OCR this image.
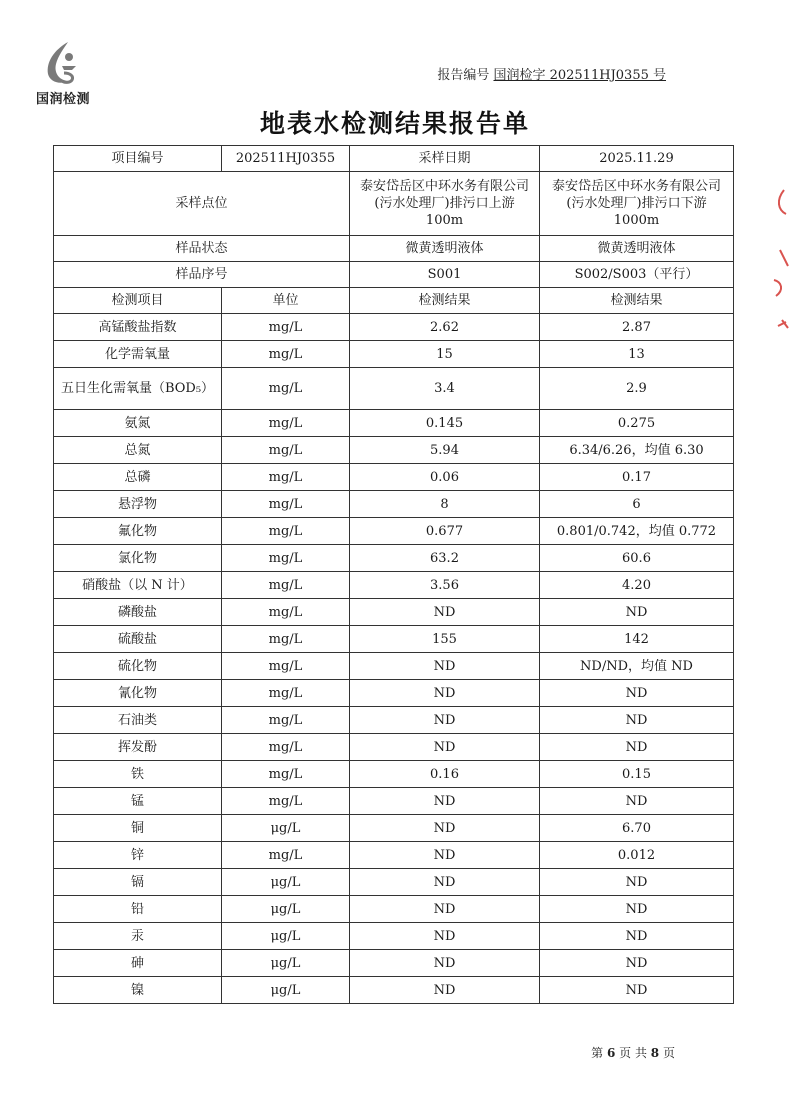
国润检测
报告编号 国润检字 202511HJ0355 号
地表水检测结果报告单
项目编号	202511HJ0355	采样日期	2025.11.29
采样点位		泰安岱岳区中环水务有限公司(污水处理厂)排污口上游 100m	泰安岱岳区中环水务有限公司(污水处理厂)排污口下游 1000m
样品状态		微黄透明液体	微黄透明液体
样品序号		S001	S002/S003（平行）
检测项目	单位	检测结果	检测结果
高锰酸盐指数	mg/L	2.62	2.87
化学需氧量	mg/L	15	13
五日生化需氧量（BOD₅）	mg/L	3.4	2.9
氨氮	mg/L	0.145	0.275
总氮	mg/L	5.94	6.34/6.26，均值 6.30
总磷	mg/L	0.06	0.17
悬浮物	mg/L	8	6
氟化物	mg/L	0.677	0.801/0.742，均值 0.772
氯化物	mg/L	63.2	60.6
硝酸盐（以 N 计）	mg/L	3.56	4.20
磷酸盐	mg/L	ND	ND
硫酸盐	mg/L	155	142
硫化物	mg/L	ND	ND/ND，均值 ND
氰化物	mg/L	ND	ND
石油类	mg/L	ND	ND
挥发酚	mg/L	ND	ND
铁	mg/L	0.16	0.15
锰	mg/L	ND	ND
铜	μg/L	ND	6.70
锌	mg/L	ND	0.012
镉	μg/L	ND	ND
铅	μg/L	ND	ND
汞	μg/L	ND	ND
砷	μg/L	ND	ND
镍	μg/L	ND	ND
第 6 页 共 8 页
